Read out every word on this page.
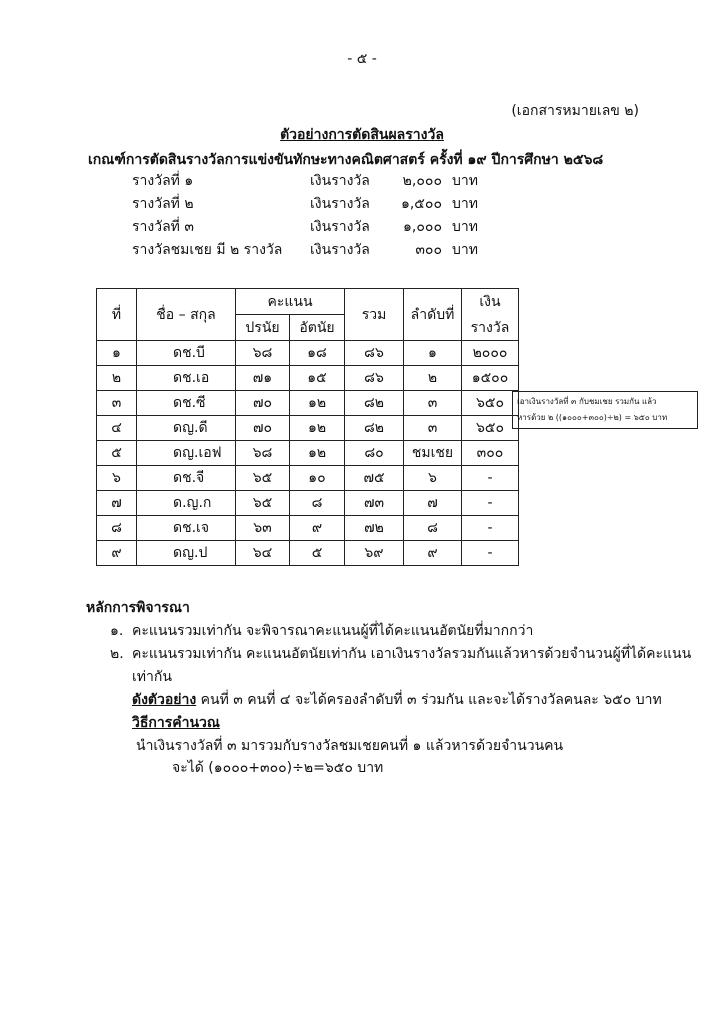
- ๕ -
(เอกสารหมายเลข ๒)
ตัวอย่างการตัดสินผลรางวัล
เกณฑ์การตัดสินรางวัลการแข่งขันทักษะทางคณิตศาสตร์ ครั้งที่ ๑๙ ปีการศึกษา ๒๕๖๘
รางวัลที่ ๑	เงินรางวัล	๒,๐๐๐ บาท
รางวัลที่ ๒	เงินรางวัล	๑,๕๐๐ บาท
รางวัลที่ ๓	เงินรางวัล	๑,๐๐๐ บาท
รางวัลชมเชย มี ๒ รางวัล เงินรางวัล	๓๐๐ บาท
ที่	ชื่อ – สกุล	คะแนน		รวม	ลำดับที่	เงิน
รางวัล

		ปรนัย	อัตนัย			
๑	ดช.บี	๖๘	๑๘	๘๖	๑	๒๐๐๐
๒	ดช.เอ	๗๑	๑๕	๘๖	๒	๑๕๐๐
๓	ดช.ซี	๗๐	๑๒	๘๒	๓	๖๕๐
๔	ดญ.ดี	๗๐	๑๒	๘๒	๓	๖๕๐
๕	ดญ.เอฟ	๖๘	๑๒	๘๐	ชมเชย	๓๐๐
๖	ดช.จี	๖๕	๑๐	๗๕	๖	-
๗	ด.ญ.ก	๖๕	๘	๗๓	๗	-
๘	ดช.เจ	๖๓	๙	๗๒	๘	-
๙	ดญ.ป	๖๔	๕	๖๙	๙	-
เอาเงินรางวัลที่ ๓ กับชมเชย รวมกัน แล้ว
หารด้วย ๒ ((๑๐๐๐+๓๐๐)÷๒) = ๖๕๐ บาท
หลักการพิจารณา
๑. คะแนนรวมเท่ากัน จะพิจารณาคะแนนผู้ที่ได้คะแนนอัตนัยที่มากกว่า
๒. คะแนนรวมเท่ากัน คะแนนอัตนัยเท่ากัน เอาเงินรางวัลรวมกันแล้วหารด้วยจำนวนผู้ที่ได้คะแนน
เท่ากัน
ดังตัวอย่าง คนที่ ๓ คนที่ ๔ จะได้ครองลำดับที่ ๓ ร่วมกัน และจะได้รางวัลคนละ ๖๕๐ บาท
วิธีการคำนวณ
นำเงินรางวัลที่ ๓ มารวมกับรางวัลชมเชยคนที่ ๑ แล้วหารด้วยจำนวนคน
จะได้ (๑๐๐๐+๓๐๐)÷๒=๖๕๐ บาท
